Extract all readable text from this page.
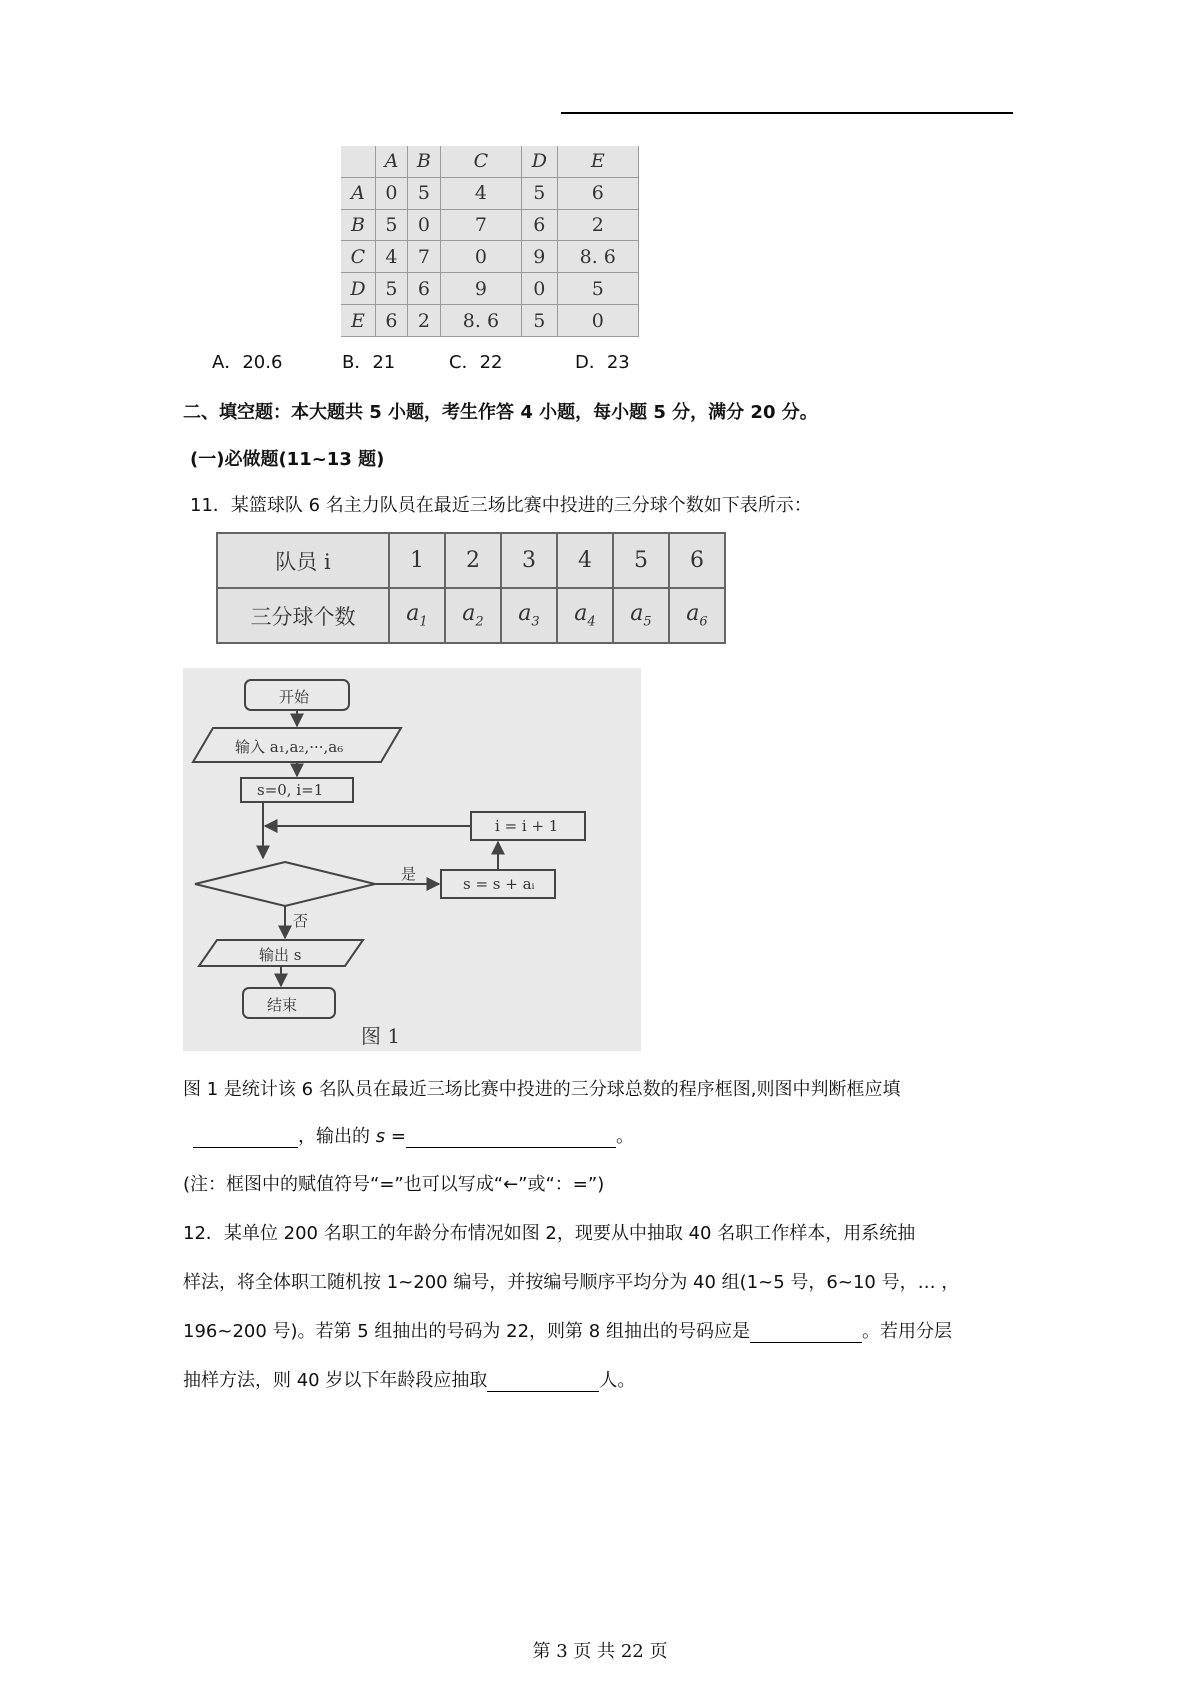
	A	B	C	D	E
A	0	5	4	5	6
B	5	0	7	6	2
C	4	7	0	9	8. 6
D	5	6	9	0	5
E	6	2	8. 6	5	0
A．20.6	B．21	C．22	D．23
二、填空题：本大题共 5 小题，考生作答 4 小题，每小题 5 分，满分 20 分。
(一)必做题(11~13 题)
11．某篮球队 6 名主力队员在最近三场比赛中投进的三分球个数如下表所示：
队员 i	1	2	3	4	5	6
三分球个数	$a_1$	$a_2$	$a_3$	$a_4$	$a_5$	$a_6$
开始
输入 a₁,a₂,···,a₆
s=0, i=1
i = i + 1
是
s = s + aᵢ
否
输出 s
结束
图 1
图 1 是统计该 6 名队员在最近三场比赛中投进的三分球总数的程序框图,则图中判断框应填
，输出的 s =	。
(注：框图中的赋值符号“=”也可以写成“←”或“：=”)
12．某单位 200 名职工的年龄分布情况如图 2，现要从中抽取 40 名职工作样本，用系统抽
样法，将全体职工随机按 1~200 编号，并按编号顺序平均分为 40 组(1~5 号，6~10 号，… ，
196~200 号)。若第 5 组抽出的号码为 22，则第 8 组抽出的号码应是	。若用分层
抽样方法，则 40 岁以下年龄段应抽取	人。
第 3 页 共 22 页
